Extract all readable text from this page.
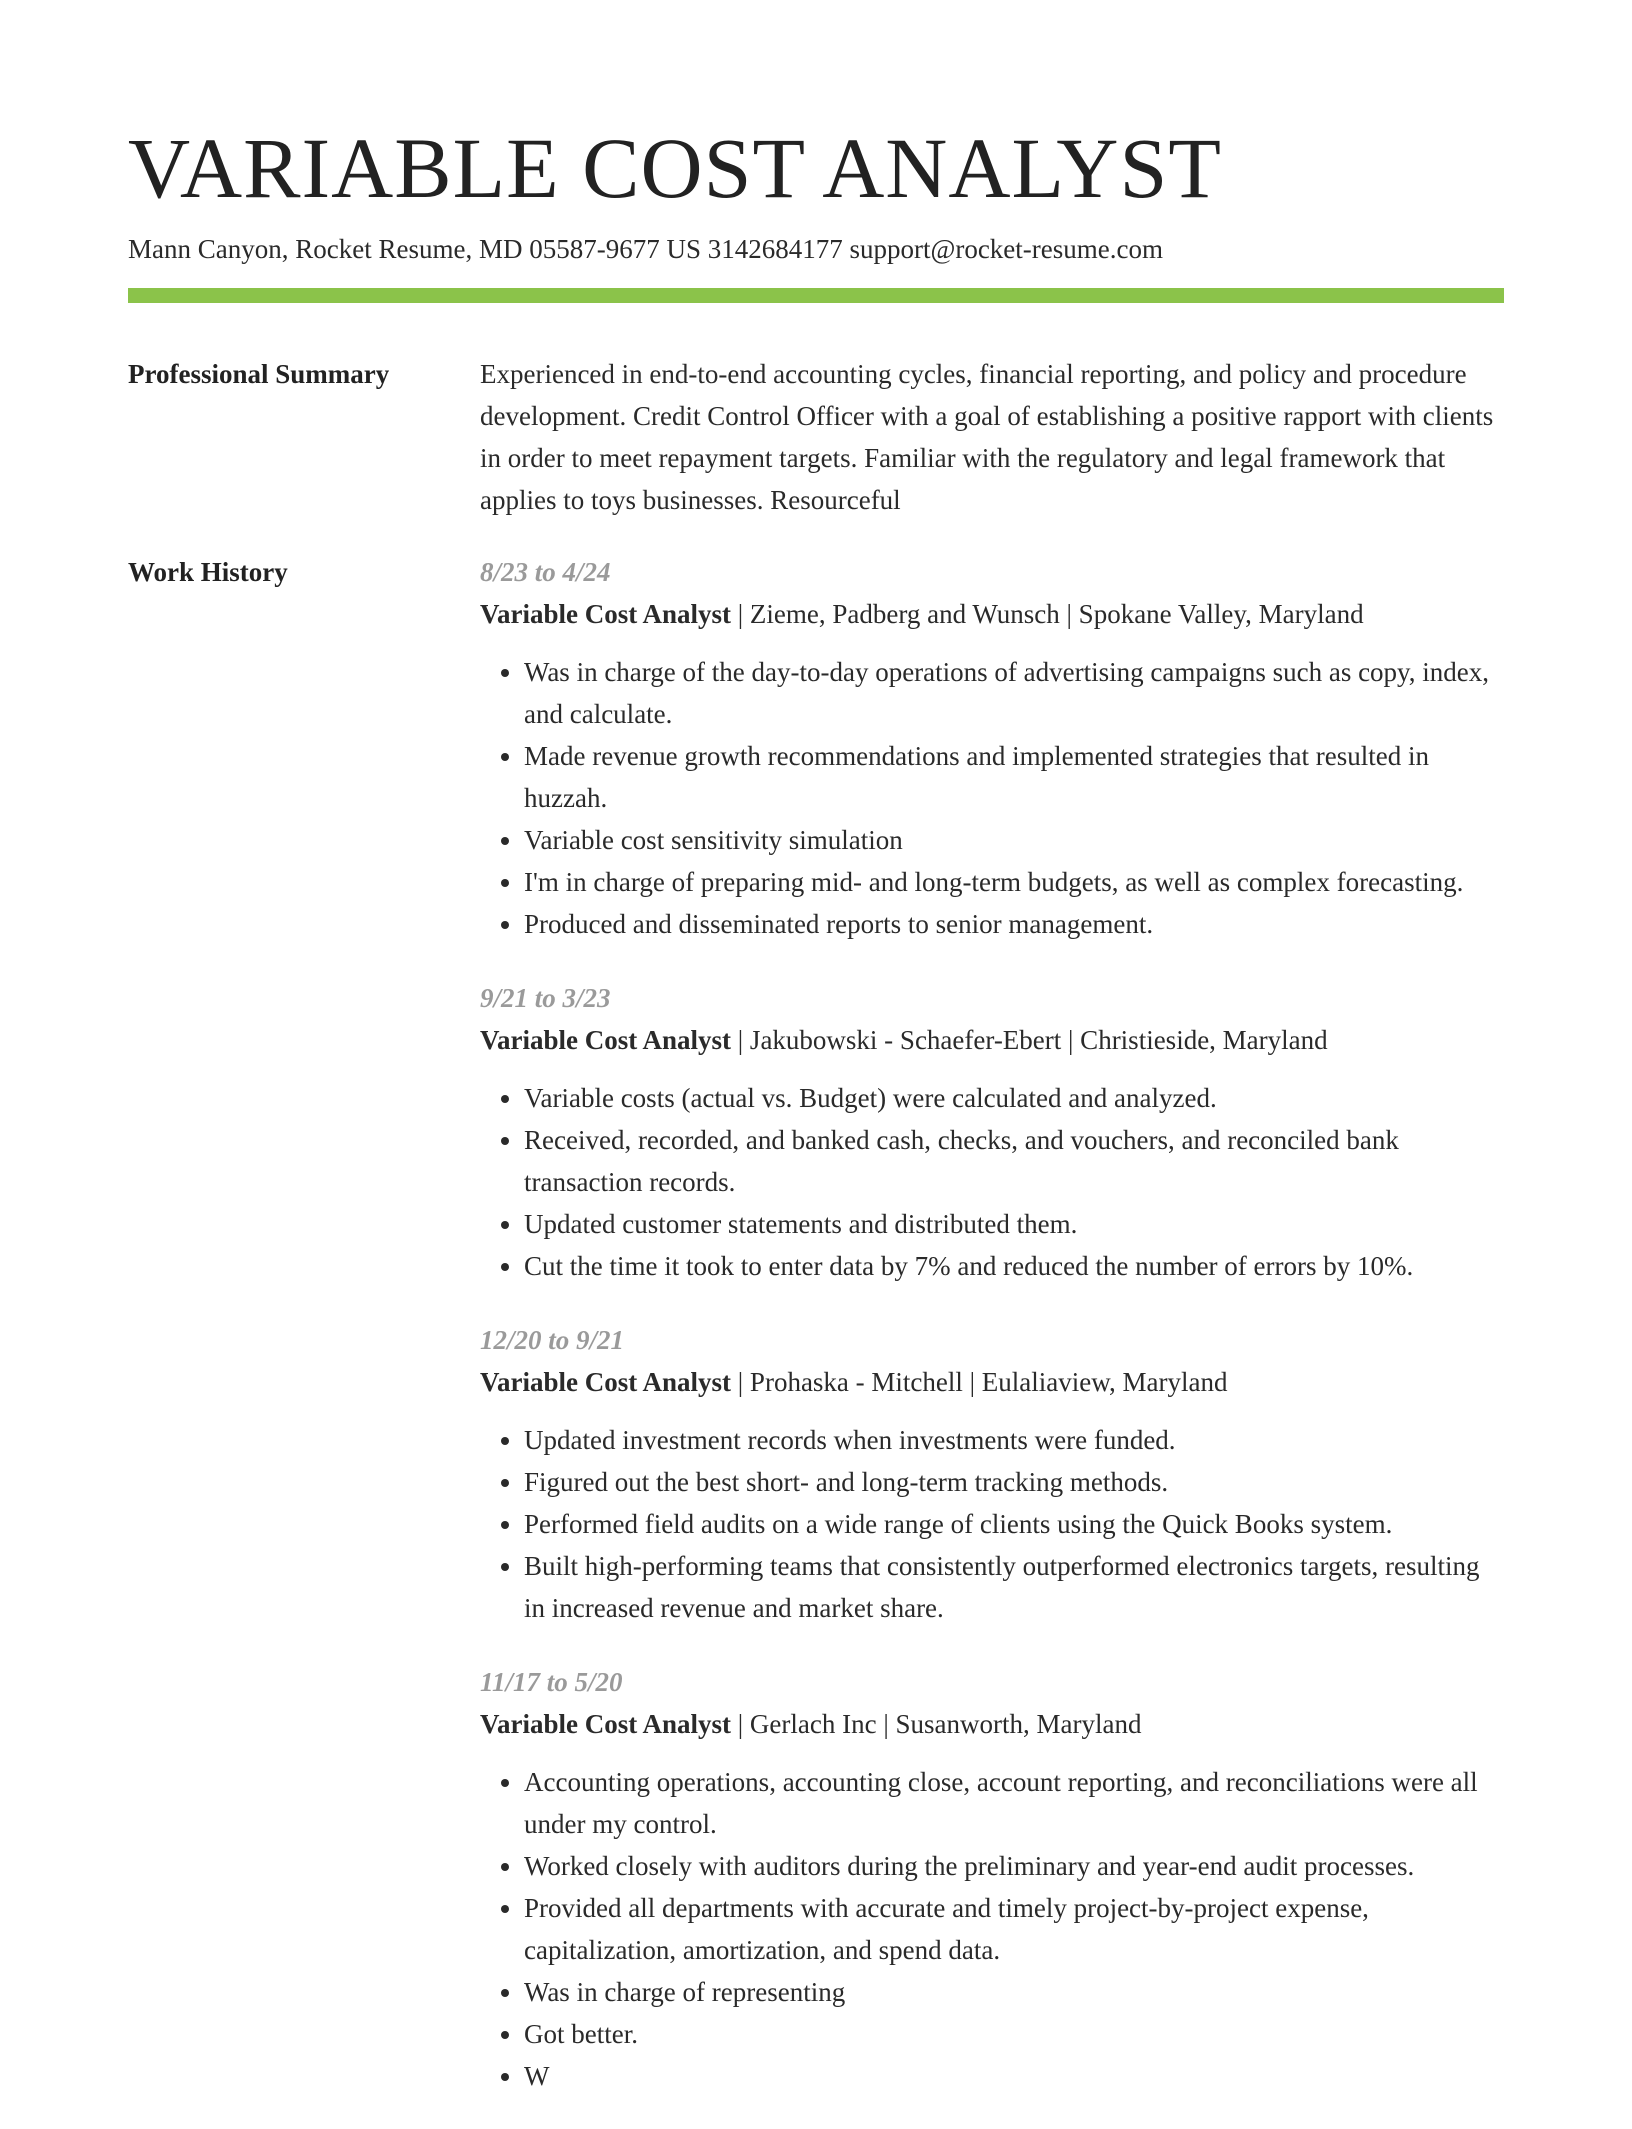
VARIABLE COST ANALYST
Mann Canyon, Rocket Resume, MD 05587-9677 US 3142684177 support@rocket-resume.com
Professional Summary	Experienced in end-to-end accounting cycles, financial reporting, and policy and procedure development. Credit Control Officer with a goal of establishing a positive rapport with clients in order to meet repayment targets. Familiar with the regulatory and legal framework that applies to toys businesses. Resourceful

Work History	8/23 to 4/24
Variable Cost Analyst | Zieme, Padberg and Wunsch | Spokane Valley, Maryland
• Was in charge of the day-to-day operations of advertising campaigns such as copy, index, and calculate.
• Made revenue growth recommendations and implemented strategies that resulted in huzzah.
• Variable cost sensitivity simulation
• I'm in charge of preparing mid- and long-term budgets, as well as complex forecasting.
• Produced and disseminated reports to senior management.
9/21 to 3/23
Variable Cost Analyst | Jakubowski - Schaefer-Ebert | Christieside, Maryland
• Variable costs (actual vs. Budget) were calculated and analyzed.
• Received, recorded, and banked cash, checks, and vouchers, and reconciled bank transaction records.
• Updated customer statements and distributed them.
• Cut the time it took to enter data by 7% and reduced the number of errors by 10%.
12/20 to 9/21
Variable Cost Analyst | Prohaska - Mitchell | Eulaliaview, Maryland
• Updated investment records when investments were funded.
• Figured out the best short- and long-term tracking methods.
• Performed field audits on a wide range of clients using the Quick Books system.
• Built high-performing teams that consistently outperformed electronics targets, resulting in increased revenue and market share.
11/17 to 5/20
Variable Cost Analyst | Gerlach Inc | Susanworth, Maryland
• Accounting operations, accounting close, account reporting, and reconciliations were all under my control.
• Worked closely with auditors during the preliminary and year-end audit processes.
• Provided all departments with accurate and timely project-by-project expense, capitalization, amortization, and spend data.
• Was in charge of representing
• Got better.
• W
